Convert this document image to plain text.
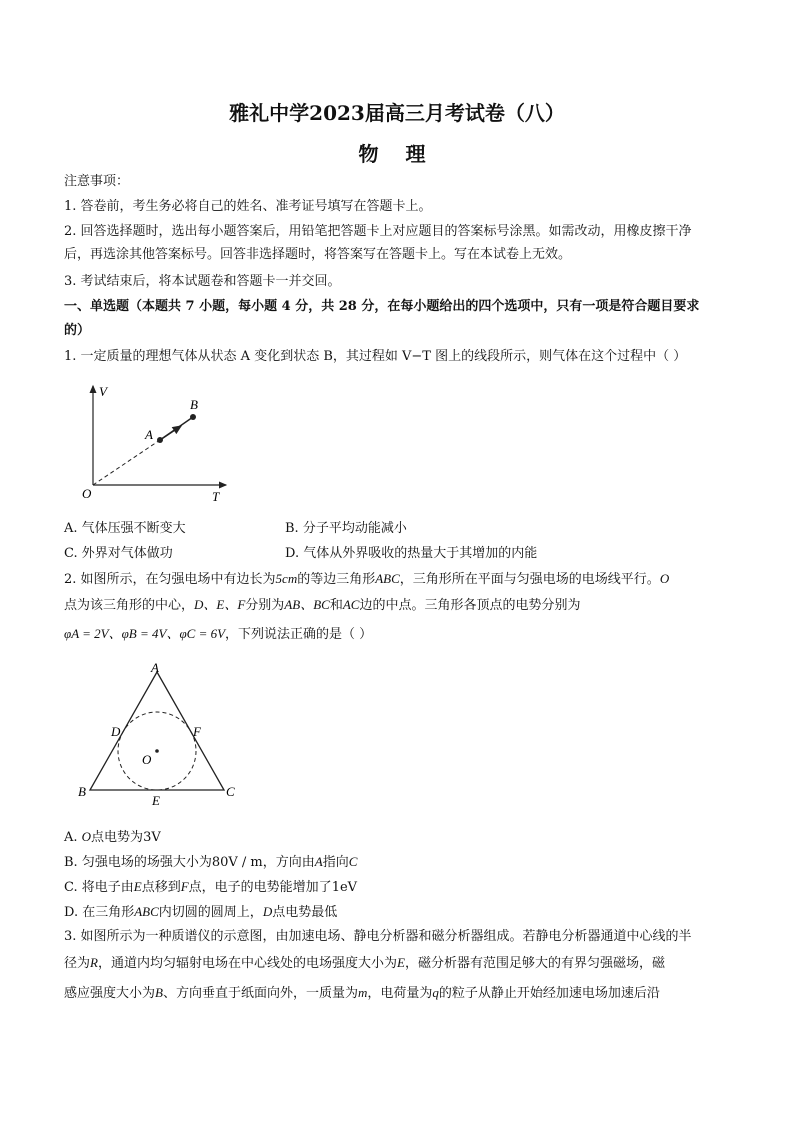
雅礼中学2023届高三月考试卷（八）
物 理
注意事项：
1. 答卷前，考生务必将自己的姓名、准考证号填写在答题卡上。
2. 回答选择题时，选出每小题答案后，用铅笔把答题卡上对应题目的答案标号涂黑。如需改动，用橡皮擦干净
后，再选涂其他答案标号。回答非选择题时，将答案写在答题卡上。写在本试卷上无效。
3. 考试结束后，将本试题卷和答题卡一并交回。
一、单选题（本题共 7 小题，每小题 4 分，共 28 分，在每小题给出的四个选项中，只有一项是符合题目要求
的）
1. 一定质量的理想气体从状态 A 变化到状态 B，其过程如 V−T 图上的线段所示，则气体在这个过程中（ ）
V
T
O
A
B
A. 气体压强不断变大	B. 分子平均动能减小
C. 外界对气体做功	D. 气体从外界吸收的热量大于其增加的内能
2. 如图所示，在匀强电场中有边长为5cm的等边三角形ABC，三角形所在平面与匀强电场的电场线平行。O
点为该三角形的中心，D、E、F分别为AB、BC和AC边的中点。三角形各顶点的电势分别为
φA = 2V、φB = 4V、φC = 6V，下列说法正确的是（ ）
A
B	C
D	F
E
O
A. O点电势为3V
B. 匀强电场的场强大小为80V / m，方向由A指向C
C. 将电子由E点移到F点，电子的电势能增加了1eV
D. 在三角形ABC内切圆的圆周上，D点电势最低
3. 如图所示为一种质谱仪的示意图，由加速电场、静电分析器和磁分析器组成。若静电分析器通道中心线的半
径为R，通道内均匀辐射电场在中心线处的电场强度大小为E，磁分析器有范围足够大的有界匀强磁场，磁
感应强度大小为B、方向垂直于纸面向外，一质量为m，电荷量为q的粒子从静止开始经加速电场加速后沿
